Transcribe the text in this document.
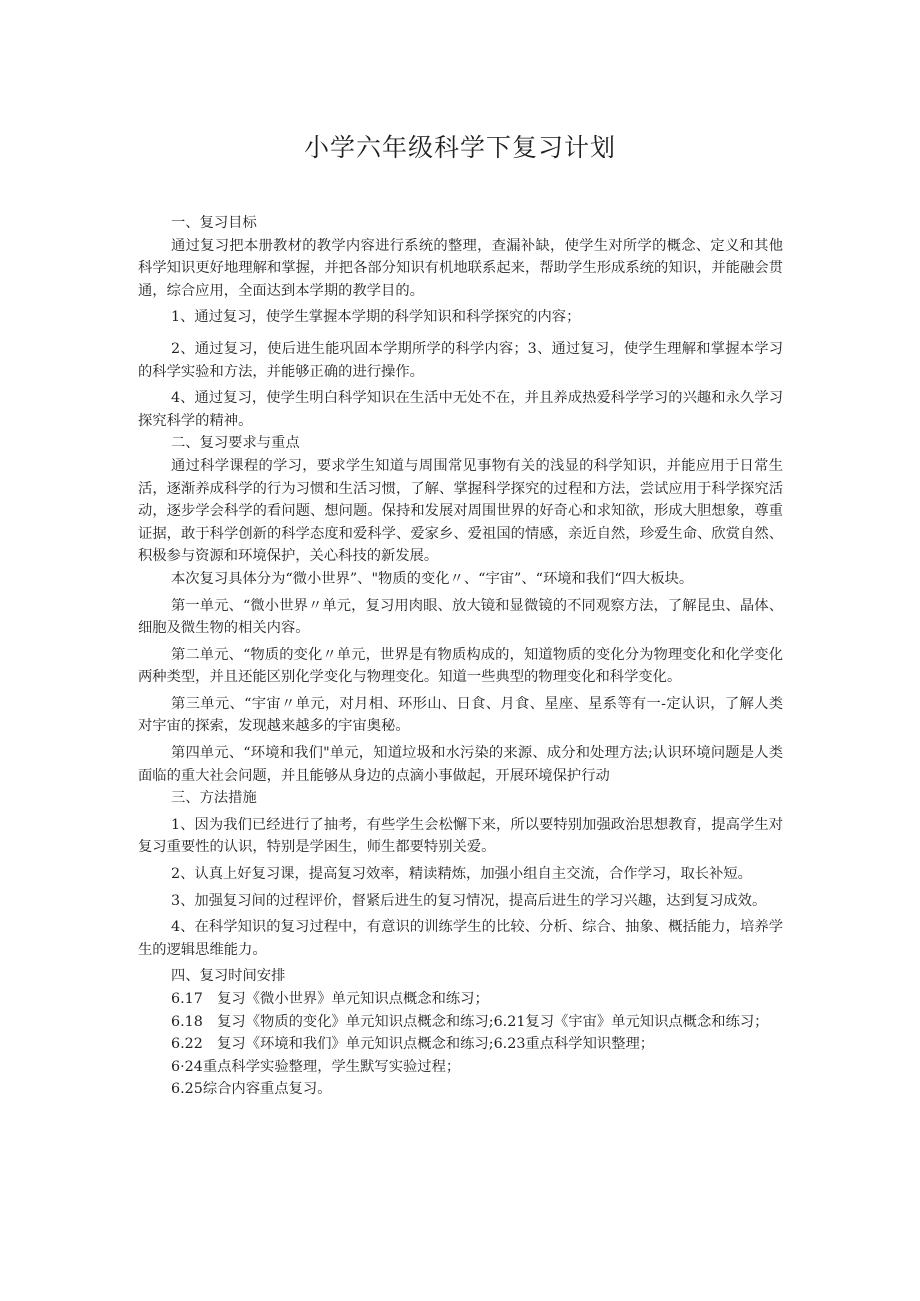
小学六年级科学下复习计划

一、复习目标

通过复习把本册教材的教学内容进行系统的整理，查漏补缺，使学生对所学的概念、定义和其他科学知识更好地理解和掌握，并把各部分知识有机地联系起来，帮助学生形成系统的知识，并能融会贯通，综合应用，全面达到本学期的教学目的。

1、通过复习，使学生掌握本学期的科学知识和科学探究的内容；

2、通过复习，使后进生能巩固本学期所学的科学内容；3、通过复习，使学生理解和掌握本学习的科学实验和方法，并能够正确的进行操作。

4、通过复习，使学生明白科学知识在生活中无处不在，并且养成热爱科学学习的兴趣和永久学习探究科学的精神。

二、复习要求与重点

通过科学课程的学习，要求学生知道与周围常见事物有关的浅显的科学知识，并能应用于日常生活，逐渐养成科学的行为习惯和生活习惯，了解、掌握科学探究的过程和方法，尝试应用于科学探究活动，逐步学会科学的看问题、想问题。保持和发展对周围世界的好奇心和求知欲，形成大胆想象，尊重证据，敢于科学创新的科学态度和爱科学、爱家乡、爱祖国的情感，亲近自然，珍爱生命、欣赏自然、积极参与资源和环境保护，关心科技的新发展。

本次复习具体分为“微小世界”、"物质的变化〃、“宇宙”、“环境和我们“四大板块。

第一单元、“微小世界〃单元，复习用肉眼、放大镜和显微镜的不同观察方法，了解昆虫、晶体、细胞及微生物的相关内容。

第二单元、“物质的变化〃单元，世界是有物质构成的，知道物质的变化分为物理变化和化学变化两种类型，并且还能区别化学变化与物理变化。知道一些典型的物理变化和科学变化。

第三单元、“宇宙〃单元，对月相、环形山、日食、月食、星座、星系等有一-定认识，了解人类对宇宙的探索，发现越来越多的宇宙奥秘。

第四单元、“环境和我们"单元，知道垃圾和水污染的来源、成分和处理方法;认识环境问题是人类面临的重大社会问题，并且能够从身边的点滴小事做起，开展环境保护行动

三、方法措施

1、因为我们已经进行了抽考，有些学生会松懈下来，所以要特别加强政治思想教育，提高学生对复习重要性的认识，特别是学困生，师生都要特别关爱。

2、认真上好复习课，提高复习效率，精读精炼，加强小组自主交流，合作学习，取长补短。

3、加强复习间的过程评价，督紧后进生的复习情况，提高后进生的学习兴趣，达到复习成效。

4、在科学知识的复习过程中，有意识的训练学生的比较、分析、综合、抽象、概括能力，培养学生的逻辑思维能力。

四、复习时间安排

6.17　复习《微小世界》单元知识点概念和练习；

6.18　复习《物质的变化》单元知识点概念和练习;6.21复习《宇宙》单元知识点概念和练习；

6.22　复习《环境和我们》单元知识点概念和练习;6.23重点科学知识整理；

6·24重点科学实验整理，学生默写实验过程；

6.25综合内容重点复习。
